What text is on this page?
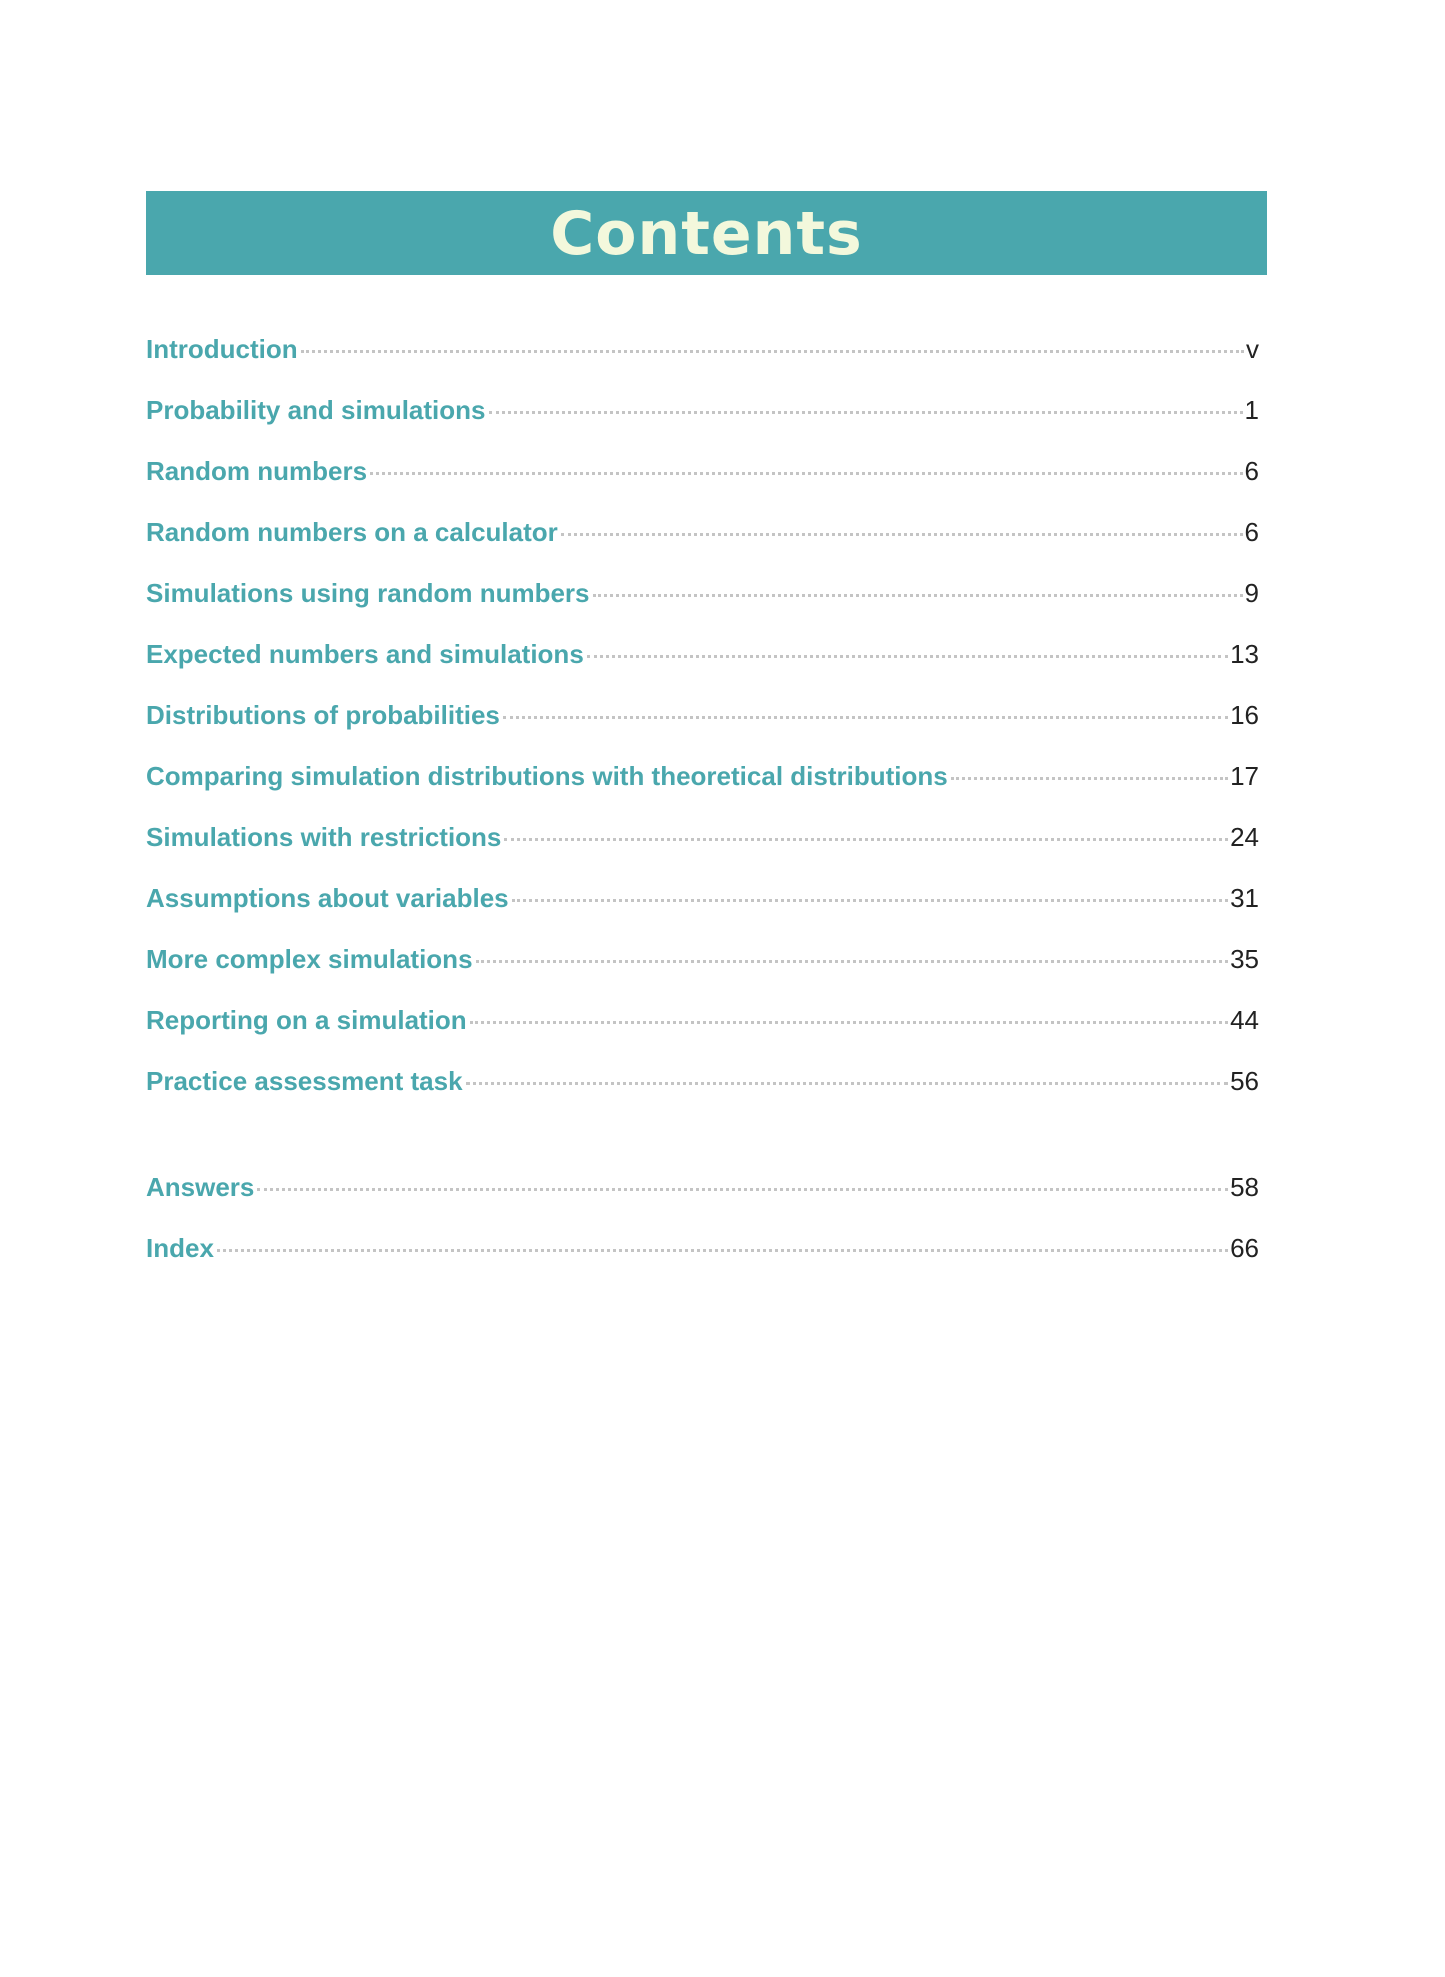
Contents
Introduction	v
Probability and simulations	1
Random numbers	6
Random numbers on a calculator	6
Simulations using random numbers	9
Expected numbers and simulations	13
Distributions of probabilities	16
Comparing simulation distributions with theoretical distributions	17
Simulations with restrictions	24
Assumptions about variables	31
More complex simulations	35
Reporting on a simulation	44
Practice assessment task	56
Answers	58
Index	66
